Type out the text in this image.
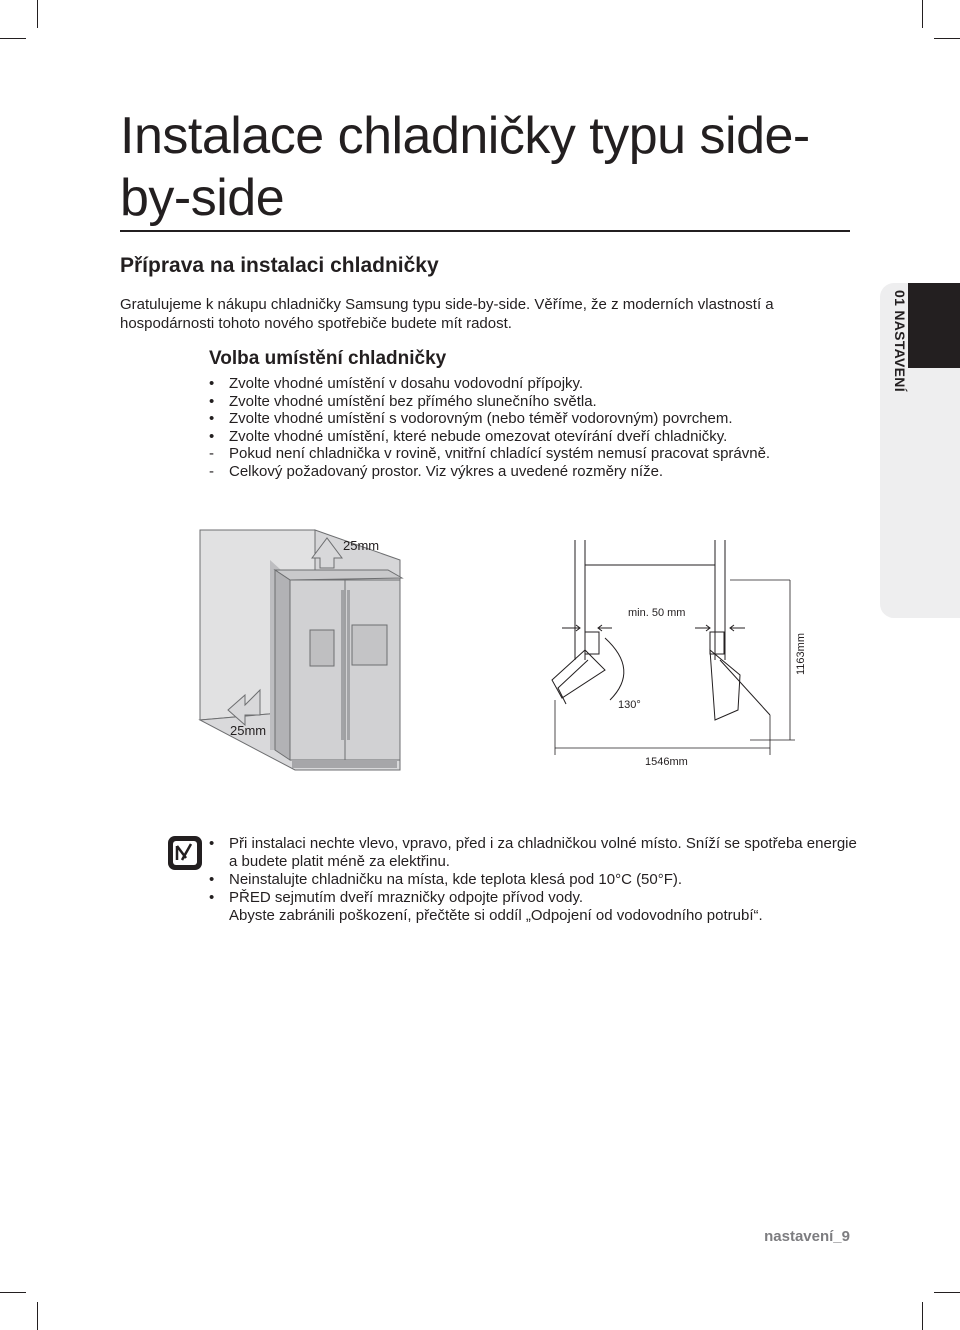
Instalace chladničky typu side-by-side
Příprava na instalaci chladničky

Gratulujeme k nákupu chladničky Samsung typu side-by-side. Věříme, že z moderních vlastností a hospodárnosti tohoto nového spotřebiče budete mít radost.

Volba umístění chladničky
• Zvolte vhodné umístění v dosahu vodovodní přípojky.
• Zvolte vhodné umístění bez přímého slunečního světla.
• Zvolte vhodné umístění s vodorovným (nebo téměř vodorovným) povrchem.
• Zvolte vhodné umístění, které nebude omezovat otevírání dveří chladničky.
- Pokud není chladnička v rovině, vnitřní chladící systém nemusí pracovat správně.
- Celkový požadovaný prostor. Viz výkres a uvedené rozměry níže.
01 NASTAVENÍ
25mm
25mm
min. 50 mm
1163mm
130°
1546mm
• Při instalaci nechte vlevo, vpravo, před i za chladničkou volné místo. Sníží se spotřeba energie a budete platit méně za elektřinu.
• Neinstalujte chladničku na místa, kde teplota klesá pod 10°C (50°F).
• PŘED sejmutím dveří mrazničky odpojte přívod vody.
Abyste zabránili poškození, přečtěte si oddíl „Odpojení od vodovodního potrubí“.
nastavení_9
